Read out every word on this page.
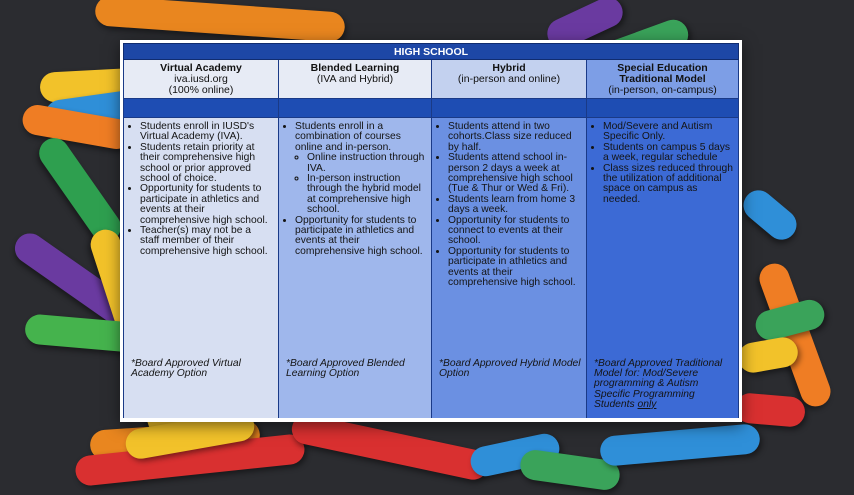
HIGH SCHOOL
Virtual Academy
iva.iusd.org
(100% online)
• Students enroll in IUSD's Virtual Academy (IVA).
• Students retain priority at their comprehensive high school or prior approved school of choice.
• Opportunity for students to participate in athletics and events at their comprehensive high school.
• Teacher(s) may not be a staff member of their comprehensive high school.
*Board Approved Virtual Academy Option
Blended Learning
(IVA and Hybrid)
• Students enroll in a combination of courses online and in-person.
◦ Online instruction through IVA.
◦ In-person instruction through the hybrid model at comprehensive high school.
• Opportunity for students to participate in athletics and events at their comprehensive high school.
*Board Approved Blended Learning Option
Hybrid
(in-person and online)
• Students attend in two cohorts.Class size reduced by half.
• Students attend school in-person 2 days a week at comprehensive high school (Tue & Thur or Wed & Fri).
• Students learn from home 3 days a week.
• Opportunity for students to connect to events at their school.
• Opportunity for students to participate in athletics and events at their comprehensive high school.
*Board Approved Hybrid Model Option
Special Education
Traditional Model
(in-person, on-campus)
• Mod/Severe and Autism Specific Only.
• Students on campus 5 days a week, regular schedule
• Class sizes reduced through the utilization of additional space on campus as needed.
*Board Approved Traditional Model for: Mod/Severe programming & Autism Specific Programming Students only
